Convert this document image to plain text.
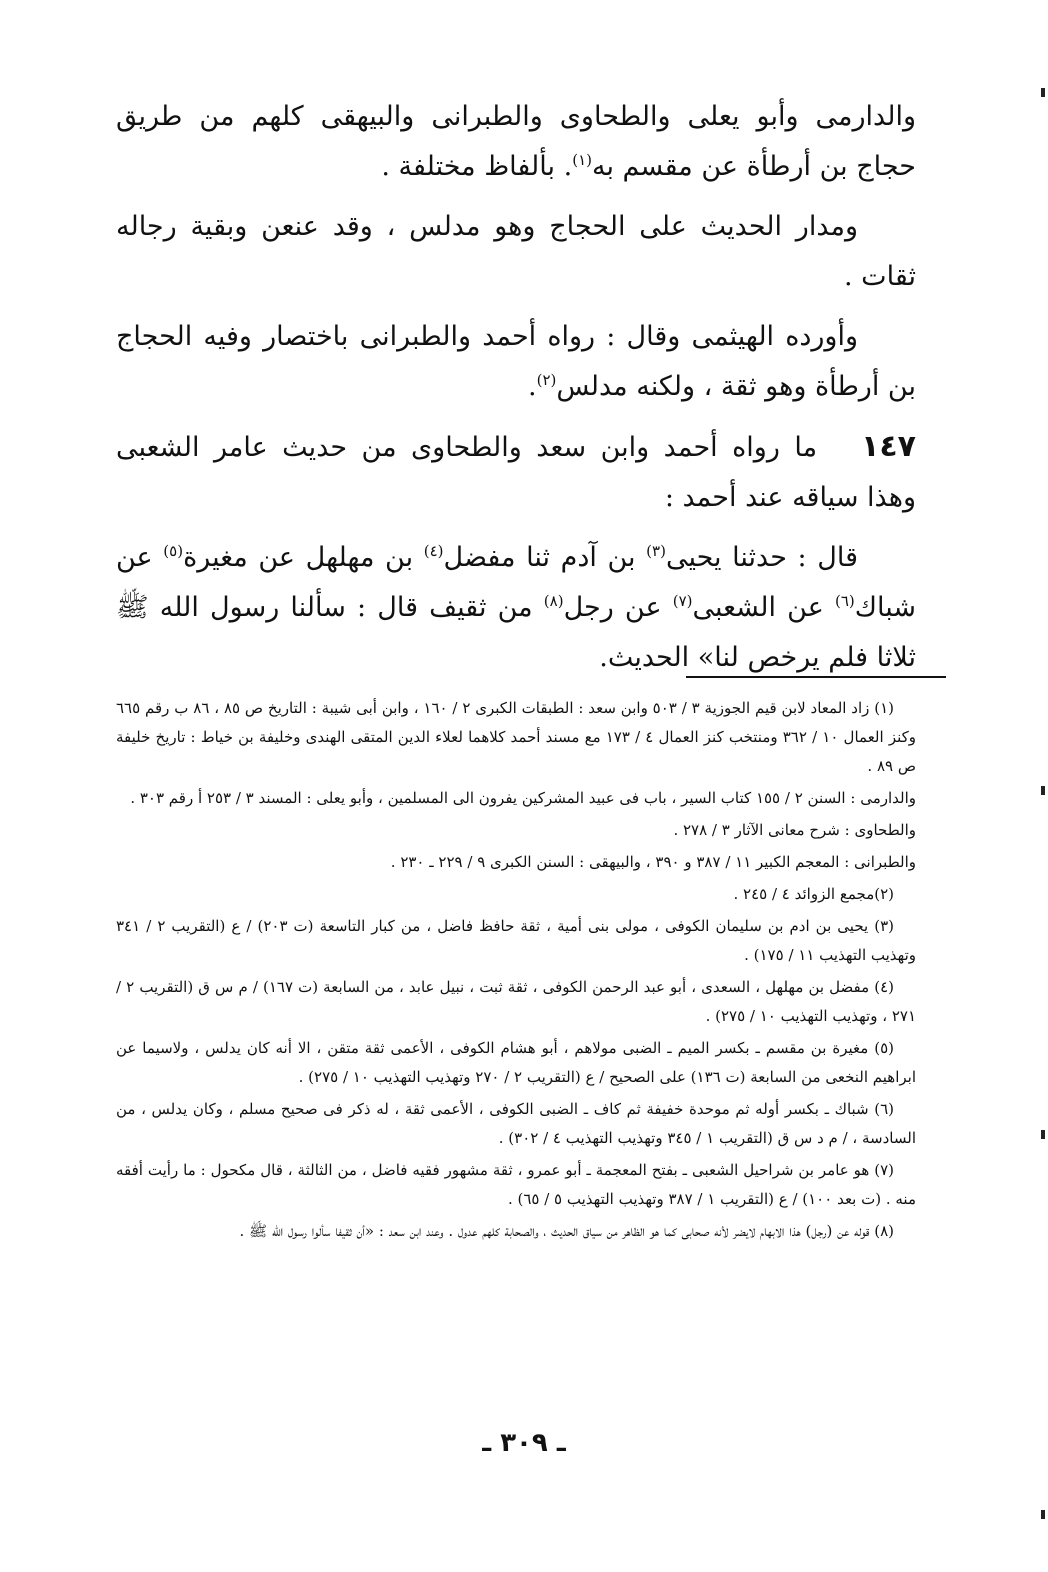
والدارمى وأبو يعلى والطحاوى والطبرانى والبيهقى كلهم من طريق حجاج بن أرطأة عن مقسم به$^{(١)}$. بألفاظ مختلفة .

ومدار الحديث على الحجاج وهو مدلس ، وقد عنعن وبقية رجاله ثقات .

وأورده الهيثمى وقال : رواه أحمد والطبرانى باختصار وفيه الحجاج بن أرطأة وهو ثقة ، ولكنه مدلس$^{(٢)}$.

١٤٧ما رواه أحمد وابن سعد والطحاوى من حديث عامر الشعبى وهذا سياقه عند أحمد :

قال : حدثنا يحيى$^{(٣)}$ بن آدم ثنا مفضل$^{(٤)}$ بن مهلهل عن مغيرة$^{(٥)}$ عن شباك$^{(٦)}$ عن الشعبى$^{(٧)}$ عن رجل$^{(٨)}$ من ثقيف قال : سألنا رسول الله ﷺ ثلاثا فلم يرخص لنا» الحديث.

(١) زاد المعاد لابن قيم الجوزية ٣ / ٥٠٣ وابن سعد : الطبقات الكبرى ٢ / ١٦٠ ، وابن أبى شيبة : التاريخ ص ٨٥ ، ٨٦ ب رقم ٦٦٥ وكنز العمال ١٠ / ٣٦٢ ومنتخب كنز العمال ٤ / ١٧٣ مع مسند أحمد كلاهما لعلاء الدين المتقى الهندى وخليفة بن خياط : تاريخ خليفة ص ٨٩ .

والدارمى : السنن ٢ / ١٥٥ كتاب السير ، باب فى عبيد المشركين يفرون الى المسلمين ، وأبو يعلى : المسند ٣ / ٢٥٣ أ رقم ٣٠٣ .

والطحاوى : شرح معانى الآثار ٣ / ٢٧٨ .

والطبرانى : المعجم الكبير ١١ / ٣٨٧ و ٣٩٠ ، والبيهقى : السنن الكبرى ٩ / ٢٢٩ ـ ٢٣٠ .

(٢)مجمع الزوائد ٤ / ٢٤٥ .

(٣) يحيى بن ادم بن سليمان الكوفى ، مولى بنى أمية ، ثقة حافظ فاضل ، من كبار التاسعة (ت ٢٠٣) / ع (التقريب ٢ / ٣٤١ وتهذيب التهذيب ١١ / ١٧٥) .

(٤) مفضل بن مهلهل ، السعدى ، أبو عبد الرحمن الكوفى ، ثقة ثبت ، نبيل عابد ، من السابعة (ت ١٦٧) / م س ق (التقريب ٢ / ٢٧١ ، وتهذيب التهذيب ١٠ / ٢٧٥) .

(٥) مغيرة بن مقسم ـ بكسر الميم ـ الضبى مولاهم ، أبو هشام الكوفى ، الأعمى ثقة متقن ، الا أنه كان يدلس ، ولاسيما عن ابراهيم النخعى من السابعة (ت ١٣٦) على الصحيح / ع (التقريب ٢ / ٢٧٠ وتهذيب التهذيب ١٠ / ٢٧٥) .

(٦) شباك ـ بكسر أوله ثم موحدة خفيفة ثم كاف ـ الضبى الكوفى ، الأعمى ثقة ، له ذكر فى صحيح مسلم ، وكان يدلس ، من السادسة ، / م د س ق (التقريب ١ / ٣٤٥ وتهذيب التهذيب ٤ / ٣٠٢) .

(٧) هو عامر بن شراحيل الشعبى ـ بفتح المعجمة ـ أبو عمرو ، ثقة مشهور فقيه فاضل ، من الثالثة ، قال مكحول : ما رأيت أفقه منه . (ت بعد ١٠٠) / ع (التقريب ١ / ٣٨٧ وتهذيب التهذيب ٥ / ٦٥) .

(٨) قوله عن (رجل) هذا الابهام لايضر لأنه صحابى كما هو الظاهر من سياق الحديث ، والصحابة كلهم عدول . وعند ابن سعد : «أن ثقيفا سألوا رسول الله ﷺ .

ـ ٣٠٩ ـ
